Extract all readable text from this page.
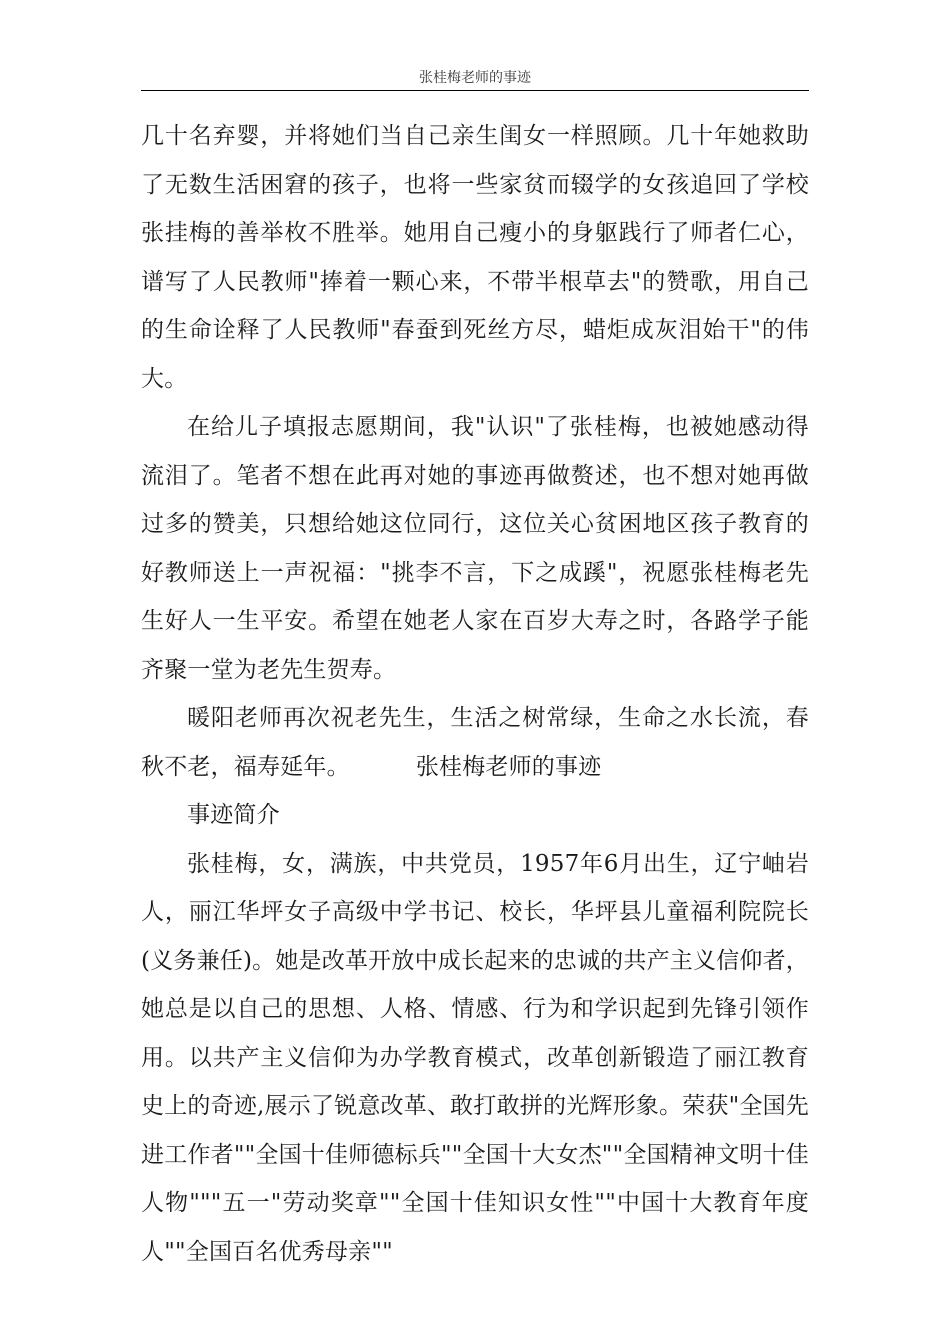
张桂梅老师的事迹

几十名弃婴，并将她们当自己亲生闺女一样照顾。几十年她救助了无数生活困窘的孩子，也将一些家贫而辍学的女孩追回了学校张挂梅的善举枚不胜举。她用自己瘦小的身躯践行了师者仁心，谱写了人民教师"捧着一颗心来，不带半根草去"的赞歌，用自己的生命诠释了人民教师"春蚕到死丝方尽，蜡炬成灰泪始干"的伟大。

在给儿子填报志愿期间，我"认识"了张桂梅，也被她感动得流泪了。笔者不想在此再对她的事迹再做赘述，也不想对她再做过多的赞美，只想给她这位同行，这位关心贫困地区孩子教育的好教师送上一声祝福："挑李不言，下之成蹊"，祝愿张桂梅老先生好人一生平安。希望在她老人家在百岁大寿之时，各路学子能齐聚一堂为老先生贺寿。

暖阳老师再次祝老先生，生活之树常绿，生命之水长流，春秋不老，福寿延年。	张桂梅老师的事迹

事迹简介

张桂梅，女，满族，中共党员，1957年6月出生，辽宁岫岩人，丽江华坪女子高级中学书记、校长，华坪县儿童福利院院长(义务兼任)。她是改革开放中成长起来的忠诚的共产主义信仰者，她总是以自己的思想、人格、情感、行为和学识起到先锋引领作用。以共产主义信仰为办学教育模式，改革创新锻造了丽江教育史上的奇迹,展示了锐意改革、敢打敢拼的光辉形象。荣获"全国先进工作者""全国十佳师德标兵""全国十大女杰""全国精神文明十佳人物"""五一"劳动奖章""全国十佳知识女性""中国十大教育年度人""全国百名优秀母亲""
